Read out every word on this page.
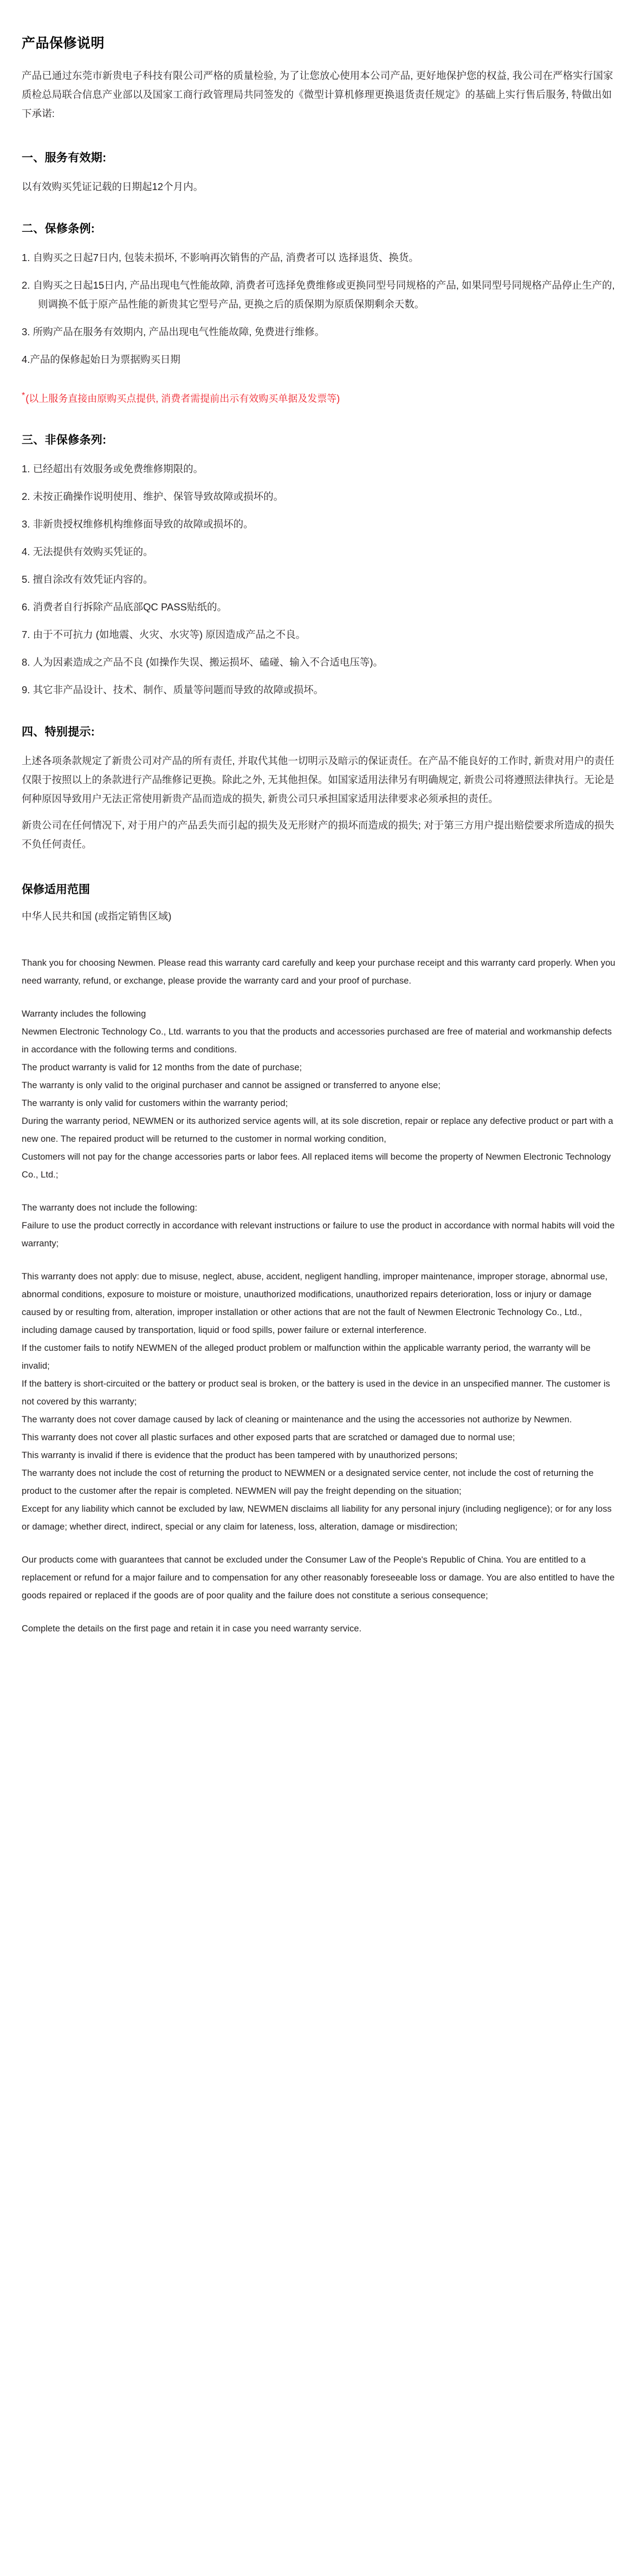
产品保修说明

产品已通过东莞市新贵电子科技有限公司严格的质量检验, 为了让您放心使用本公司产品, 更好地保护您的权益, 我公司在严格实行国家质检总局联合信息产业部以及国家工商行政管理局共同签发的《微型计算机修理更换退货责任规定》的基础上实行售后服务, 特做出如下承诺:

一、服务有效期:

以有效购买凭证记载的日期起12个月内。

二、保修条例:
1. 自购买之日起7日内, 包装未损坏, 不影响再次销售的产品, 消费者可以 选择退货、换货。
2. 自购买之日起15日内, 产品出现电气性能故障, 消费者可选择免费维修或更换同型号同规格的产品, 如果同型号同规格产品停止生产的, 则调换不低于原产品性能的新贵其它型号产品, 更换之后的质保期为原质保期剩余天数。
3. 所购产品在服务有效期内, 产品出现电气性能故障, 免费进行维修。
4.产品的保修起始日为票据购买日期

*(以上服务直接由原购买点提供, 消费者需提前出示有效购买单据及发票等)

三、非保修条列:
1. 已经超出有效服务或免费维修期限的。
2. 未按正确操作说明使用、维护、保管导致故障或损坏的。
3. 非新贵授权维修机构维修面导致的故障或损坏的。
4. 无法提供有效购买凭证的。
5. 擅自涂改有效凭证内容的。
6. 消费者自行拆除产品底部QC PASS贴纸的。
7. 由于不可抗力 (如地震、火灾、水灾等) 原因造成产品之不良。
8. 人为因素造成之产品不良 (如操作失误、搬运损坏、磕碰、输入不合适电压等)。
9. 其它非产品设计、技术、制作、质量等问题而导致的故障或损坏。
四、特别提示:

上述各项条款规定了新贵公司对产品的所有责任, 并取代其他一切明示及暗示的保证责任。在产品不能良好的工作时, 新贵对用户的责任仅限于按照以上的条款进行产品维修记更换。除此之外, 无其他担保。如国家适用法律另有明确规定, 新贵公司将遵照法律执行。无论是何种原因导致用户无法正常使用新贵产品而造成的损失, 新贵公司只承担国家适用法律要求必须承担的责任。

新贵公司在任何情况下, 对于用户的产品丢失而引起的损失及无形财产的损坏而造成的损失; 对于第三方用户提出赔偿要求所造成的损失不负任何责任。

保修适用范围

中华人民共和国 (或指定销售区域)

Thank you for choosing Newmen. Please read this warranty card carefully and keep your purchase receipt and this warranty card properly. When you need warranty, refund, or exchange, please provide the warranty card and your proof of purchase.

Warranty includes the following

Newmen Electronic Technology Co., Ltd. warrants to you that the products and accessories purchased are free of material and workmanship defects in accordance with the following terms and conditions.

The product warranty is valid for 12 months from the date of purchase;

The warranty is only valid to the original purchaser and cannot be assigned or transferred to anyone else;

The warranty is only valid for customers within the warranty period;

During the warranty period, NEWMEN or its authorized service agents will, at its sole discretion, repair or replace any defective product or part with a new one. The repaired product will be returned to the customer in normal working condition,

Customers will not pay for the change accessories parts or labor fees. All replaced items will become the property of Newmen Electronic Technology Co., Ltd.;

The warranty does not include the following:

Failure to use the product correctly in accordance with relevant instructions or failure to use the product in accordance with normal habits will void the warranty;

This warranty does not apply: due to misuse, neglect, abuse, accident, negligent handling, improper maintenance, improper storage, abnormal use, abnormal conditions, exposure to moisture or moisture, unauthorized modifications, unauthorized repairs deterioration, loss or injury or damage caused by or resulting from, alteration, improper installation or other actions that are not the fault of Newmen Electronic Technology Co., Ltd., including damage caused by transportation, liquid or food spills, power failure or external interference.

If the customer fails to notify NEWMEN of the alleged product problem or malfunction within the applicable warranty period, the warranty will be invalid;

If the battery is short-circuited or the battery or product seal is broken, or the battery is used in the device in an unspecified manner. The customer is not covered by this warranty;

The warranty does not cover damage caused by lack of cleaning or maintenance and the using the accessories not authorize by Newmen.

This warranty does not cover all plastic surfaces and other exposed parts that are scratched or damaged due to normal use;

This warranty is invalid if there is evidence that the product has been tampered with by unauthorized persons;

The warranty does not include the cost of returning the product to NEWMEN or a designated service center, not include the cost of returning the product to the customer after the repair is completed. NEWMEN will pay the freight depending on the situation;

Except for any liability which cannot be excluded by law, NEWMEN disclaims all liability for any personal injury (including negligence); or for any loss or damage; whether direct, indirect, special or any claim for lateness, loss, alteration, damage or misdirection;

Our products come with guarantees that cannot be excluded under the Consumer Law of the People's Republic of China. You are entitled to a replacement or refund for a major failure and to compensation for any other reasonably foreseeable loss or damage. You are also entitled to have the goods repaired or replaced if the goods are of poor quality and the failure does not constitute a serious consequence;

Complete the details on the first page and retain it in case you need warranty service.
